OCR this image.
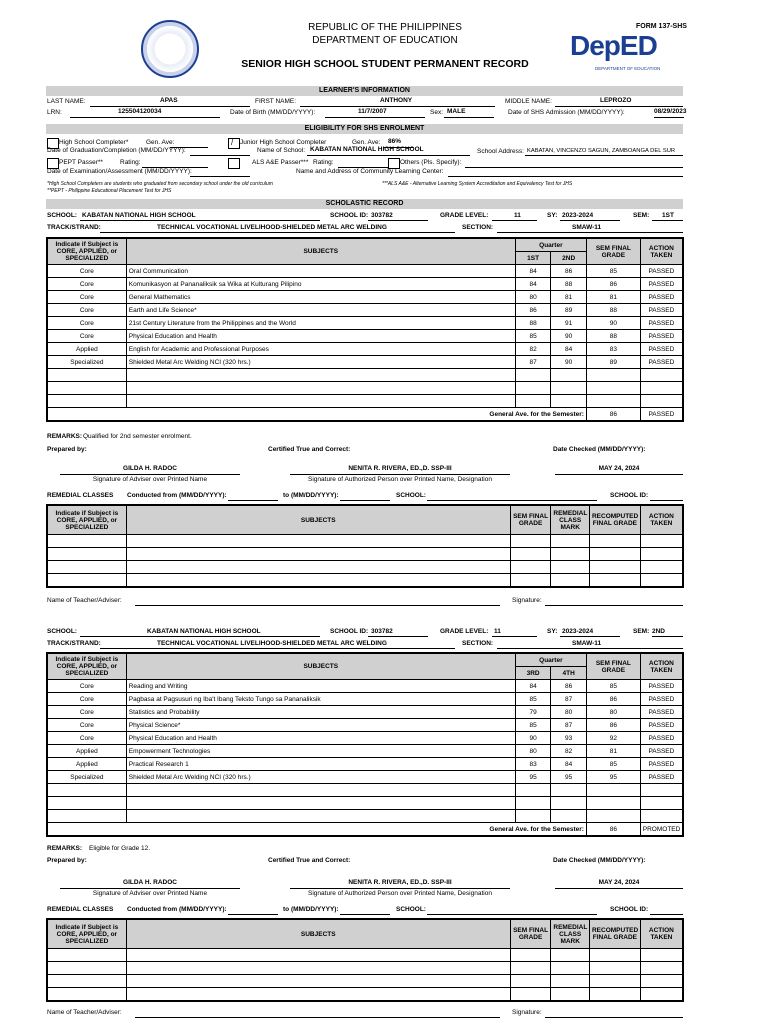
REPUBLIC OF THE PHILIPPINES
DEPARTMENT OF EDUCATION
SENIOR HIGH SCHOOL STUDENT PERMANENT RECORD
FORM 137-SHS
DepED
DEPARTMENT OF EDUCATION
LEARNER'S INFORMATION
LAST NAME:	APAS	FIRST NAME:	ANTHONY	MIDDLE NAME:	LEPROZO
LRN:	125504120034	Date of Birth (MM/DD/YYYY):	11/7/2007	Sex: MALE	Date of SHS Admission (MM/DD/YYYY):	08/29/2023
ELIGIBILITY FOR SHS ENROLMENT
High School Completer*	Gen. Ave:	/ Junior High School Completer	Gen. Ave: 86%
Date of Graduation/Completion (MM/DD/YYYY):	Name of School: KABATAN NATIONAL HIGH SCHOOL	School Address: KABATAN, VINCENZO SAGUN, ZAMBOANGA DEL SUR
PEPT Passer**	Rating:	ALS A&E Passer*** Rating:	Others (Pls. Specify):
Date of Examination/Assessment (MM/DD/YYYY):	Name and Address of Community Learning Center:
*High School Completers are students who graduated from secondary school under the old curriculum	***ALS A&E - Alternative Learning System Accreditation and Equivalency Test for JHS
**PEPT - Philippine Educational Placement Test for JHS
SCHOLASTIC RECORD
SCHOOL: KABATAN NATIONAL HIGH SCHOOL	SCHOOL ID: 303782	GRADE LEVEL:	11	SY: 2023-2024	SEM: 1ST
TRACK/STRAND:	TECHNICAL VOCATIONAL LIVELIHOOD-SHIELDED METAL ARC WELDING	SECTION:	SMAW-11
Indicate if Subject is CORE, APPLIED, or SPECIALIZED	SUBJECTS	Quarter		SEM FINAL GRADE	ACTION TAKEN
		1ST	2ND		
Core	Oral Communication	84	86	85	PASSED
Core	Komunikasyon at Pananaliksik sa Wika at Kulturang Pilipino	84	88	86	PASSED
Core	General Mathematics	80	81	81	PASSED
Core	Earth and Life Science*	86	89	88	PASSED
Core	21st Century Literature from the Philippines and the World	88	91	90	PASSED
Core	Physical Education and Health	85	90	88	PASSED
Applied	English for Academic and Professional Purposes	82	84	83	PASSED
Specialized	Shielded Metal Arc Welding NCI (320 hrs.)	87	90	89	PASSED

General Ave. for the Semester:				86	PASSED
REMARKS: Qualified for 2nd semester enrolment.
Prepared by:	Certified True and Correct:	Date Checked (MM/DD/YYYY):
GILDA H. RADOC
Signature of Adviser over Printed Name
NENITA R. RIVERA, ED.,D. SSP-III
Signature of Authorized Person over Printed Name, Designation
MAY 24, 2024
REMEDIAL CLASSES Conducted from (MM/DD/YYYY):	to (MM/DD/YYYY):	SCHOOL:	SCHOOL ID:
Indicate if Subject is CORE, APPLIED, or SPECIALIZED	SUBJECTS	SEM FINAL GRADE	REMEDIAL CLASS MARK	RECOMPUTED FINAL GRADE	ACTION TAKEN

Name of Teacher/Adviser:	Signature:
SCHOOL:	KABATAN NATIONAL HIGH SCHOOL	SCHOOL ID: 303782	GRADE LEVEL: 11	SY: 2023-2024	SEM: 2ND
TRACK/STRAND:	TECHNICAL VOCATIONAL LIVELIHOOD-SHIELDED METAL ARC WELDING	SECTION:	SMAW-11
Indicate if Subject is CORE, APPLIED, or SPECIALIZED	SUBJECTS	Quarter		SEM FINAL GRADE	ACTION TAKEN
		3RD	4TH		
Core	Reading and Writing	84	86	85	PASSED
Core	Pagbasa at Pagsusuri ng Iba't Ibang Teksto Tungo sa Pananaliksik	85	87	86	PASSED
Core	Statistics and Probability	79	80	80	PASSED
Core	Physical Science*	85	87	86	PASSED
Core	Physical Education and Health	90	93	92	PASSED
Applied	Empowerment Technologies	80	82	81	PASSED
Applied	Practical Research 1	83	84	85	PASSED
Specialized	Shielded Metal Arc Welding NCI (320 hrs.)	95	95	95	PASSED

General Ave. for the Semester:				86	PROMOTED
REMARKS: Eligible for Grade 12.
Prepared by:	Certified True and Correct:	Date Checked (MM/DD/YYYY):
GILDA H. RADOC
Signature of Adviser over Printed Name
NENITA R. RIVERA, ED.,D. SSP-III
Signature of Authorized Person over Printed Name, Designation
MAY 24, 2024
REMEDIAL CLASSES Conducted from (MM/DD/YYYY):	to (MM/DD/YYYY):	SCHOOL:	SCHOOL ID:
Indicate if Subject is CORE, APPLIED, or SPECIALIZED	SUBJECTS	SEM FINAL GRADE	REMEDIAL CLASS MARK	RECOMPUTED FINAL GRADE	ACTION TAKEN

Name of Teacher/Adviser:	Signature:
